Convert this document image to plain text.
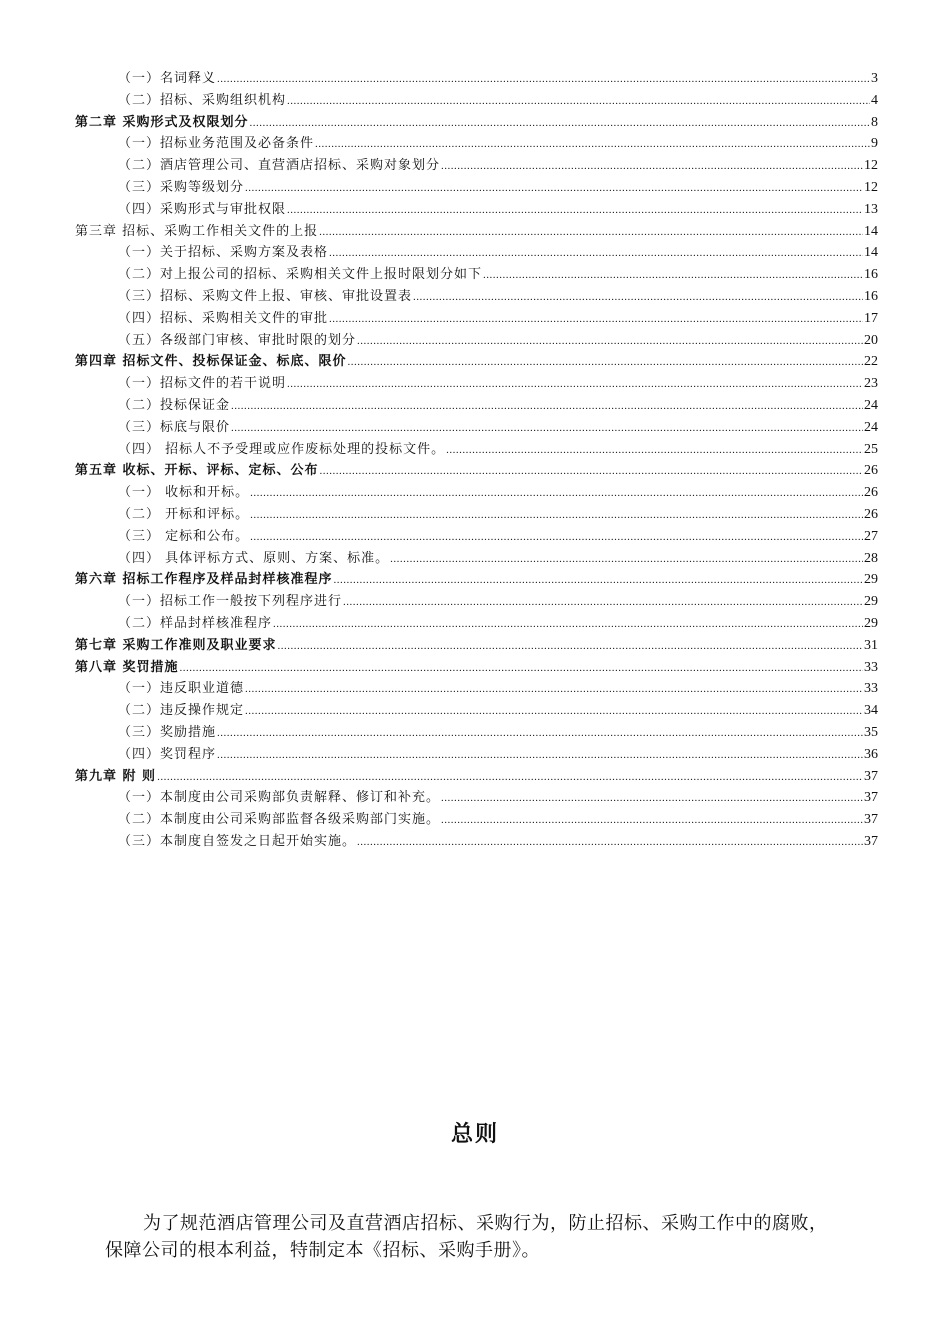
（一）名词释义 .....	3
（二）招标、采购组织机构 .....	4
第二章 采购形式及权限划分 .....	8
（一）招标业务范围及必备条件 .....	9
（二）酒店管理公司、直营酒店招标、采购对象划分 .....	12
（三）采购等级划分 .....	12
（四）采购形式与审批权限 .....	13
第三章 招标、采购工作相关文件的上报 .....	14
（一）关于招标、采购方案及表格 .....	14
（二）对上报公司的招标、采购相关文件上报时限划分如下 .....	16
（三）招标、采购文件上报、审核、审批设置表 .....	16
（四）招标、采购相关文件的审批 .....	17
（五）各级部门审核、审批时限的划分 .....	20
第四章 招标文件、投标保证金、标底、限价 .....	22
（一）招标文件的若干说明 .....	23
（二）投标保证金 .....	24
（三）标底与限价 .....	24
（四） 招标人不予受理或应作废标处理的投标文件。 .....	25
第五章 收标、开标、评标、定标、公布 .....	26
（一） 收标和开标。 .....	26
（二） 开标和评标。 .....	26
（三） 定标和公布。 .....	27
（四） 具体评标方式、原则、方案、标准。 .....	28
第六章 招标工作程序及样品封样核准程序 .....	29
（一）招标工作一般按下列程序进行 .....	29
（二）样品封样核准程序 .....	29
第七章 采购工作准则及职业要求 .....	31
第八章 奖罚措施 .....	33
（一）违反职业道德 .....	33
（二）违反操作规定 .....	34
（三）奖励措施 .....	35
（四）奖罚程序 .....	36
第九章 附 则 .....	37
（一）本制度由公司采购部负责解释、修订和补充。 .....	37
（二）本制度由公司采购部监督各级采购部门实施。 .....	37
（三）本制度自签发之日起开始实施。 .....	37
总则
为了规范酒店管理公司及直营酒店招标、采购行为，防止招标、采购工作中的腐败，保障公司的根本利益，特制定本《招标、采购手册》。
